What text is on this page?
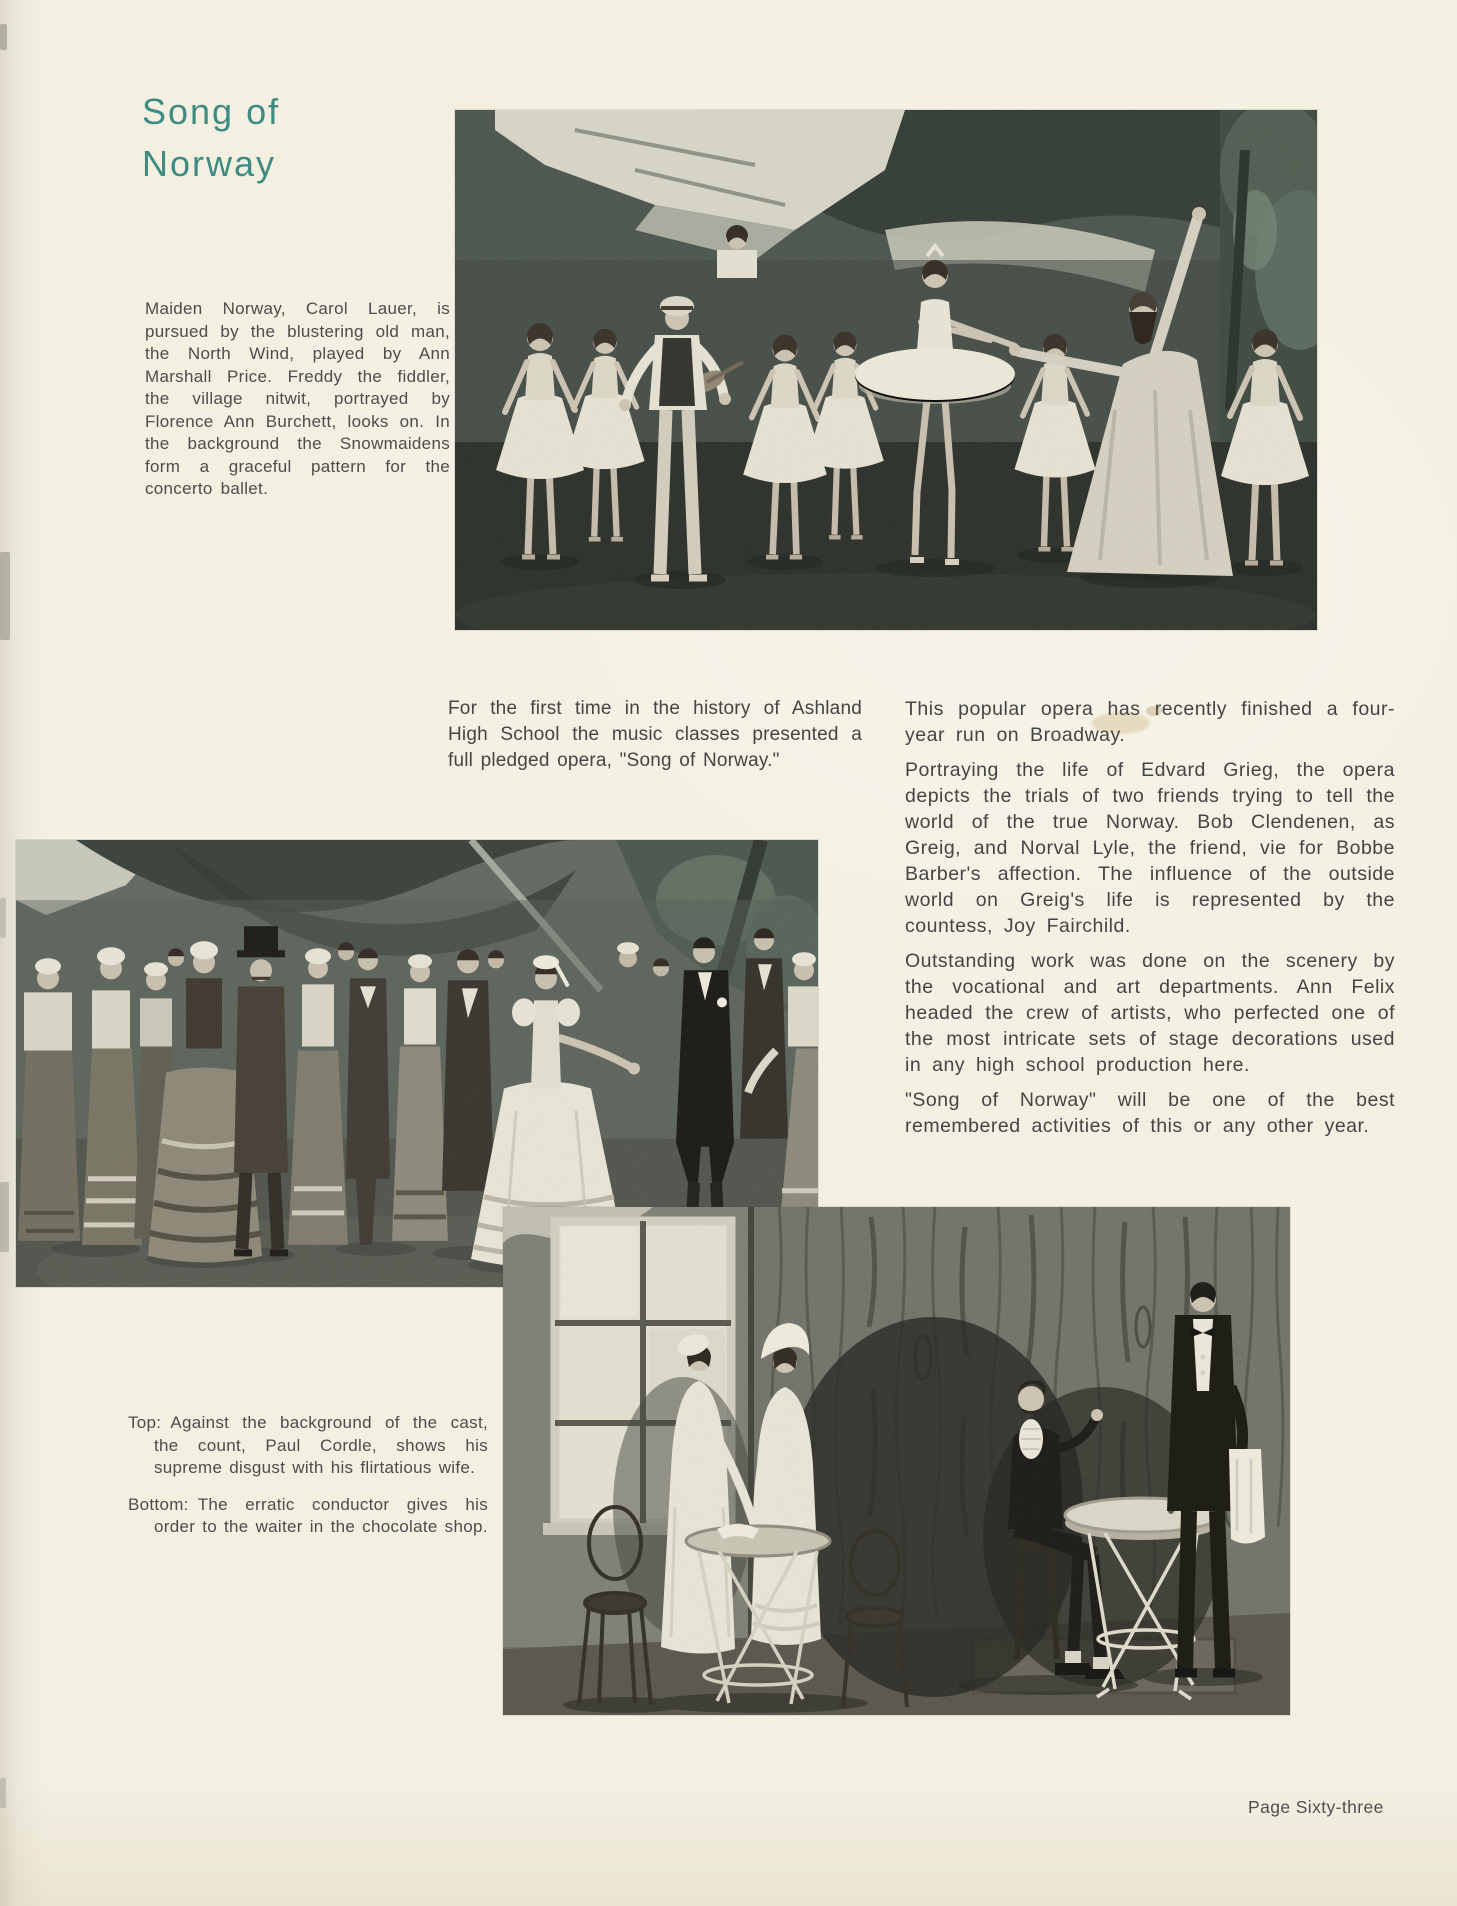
Song of
Norway
Maiden Norway, Carol Lauer, is pursued by the blustering old man, the North Wind, played by Ann Marshall Price. Freddy the fiddler, the village nitwit, portrayed by Florence Ann Burchett, looks on. In the background the Snowmaidens form a graceful pattern for the concerto ballet.
For the first time in the history of Ashland High School the music classes presented a full pledged opera, "Song of Norway."

This popular opera has recently finished a four-year run on Broadway.

Portraying the life of Edvard Grieg, the opera depicts the trials of two friends trying to tell the world of the true Norway. Bob Clendenen, as Greig, and Norval Lyle, the friend, vie for Bobbe Barber's affection. The influence of the outside world on Greig's life is represented by the countess, Joy Fairchild.

Outstanding work was done on the scenery by the vocational and art departments. Ann Felix headed the crew of artists, who perfected one of the most intricate sets of stage decorations used in any high school production here.

"Song of Norway" will be one of the best remembered activities of this or any other year.

Top: Against the background of the cast, the count, Paul Cordle, shows his supreme disgust with his flirtatious wife.

Bottom: The erratic conductor gives his order to the waiter in the chocolate shop.

Page Sixty-three
